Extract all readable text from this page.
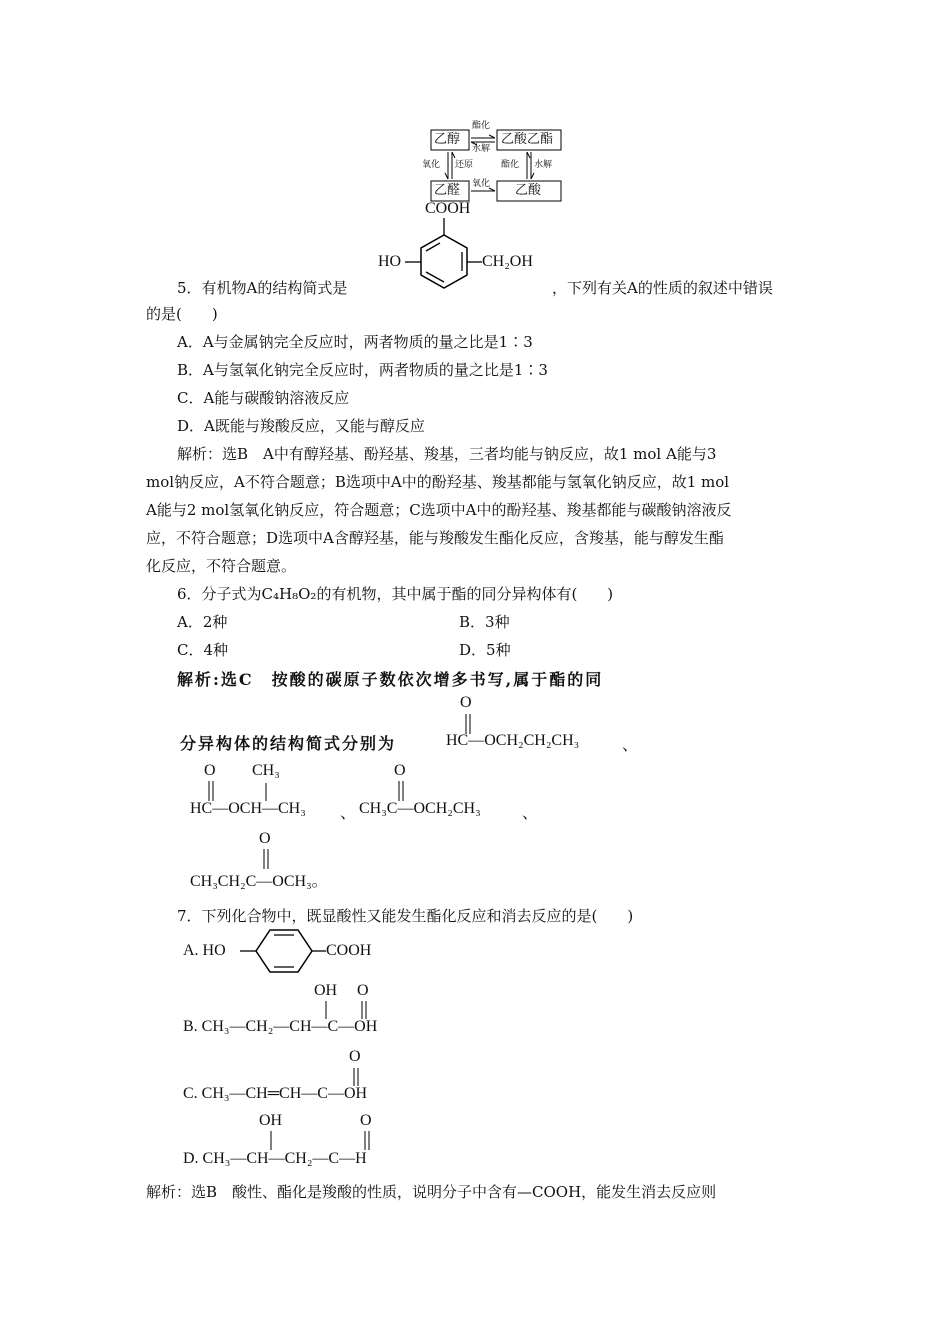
乙醇	乙酸乙酯
乙醛	乙酸
酯化
水解
氧化 还原	酯化 水解
氧化
COOH
HO	CH₂OH
5．有机物A的结构简式是	，下列有关A的性质的叙述中错误
的是(　　)
A．A与金属钠完全反应时，两者物质的量之比是1∶3
B．A与氢氧化钠完全反应时，两者物质的量之比是1∶3
C．A能与碳酸钠溶液反应
D．A既能与羧酸反应，又能与醇反应
解析：选B　A中有醇羟基、酚羟基、羧基，三者均能与钠反应，故1 mol A能与3
mol钠反应，A不符合题意；B选项中A中的酚羟基、羧基都能与氢氧化钠反应，故1 mol
A能与2 mol氢氧化钠反应，符合题意；C选项中A中的酚羟基、羧基都能与碳酸钠溶液反
应，不符合题意；D选项中A含醇羟基，能与羧酸发生酯化反应，含羧基，能与醇发生酯
化反应，不符合题意。
6．分子式为C₄H₈O₂的有机物，其中属于酯的同分异构体有(　　)
A．2种	B．3种
C．4种	D．5种
解析:选C　按酸的碳原子数依次增多书写,属于酯的同
分异构体的结构简式分别为
O
HC—OCH₂CH₂CH₃	、
O CH₃
HC—OCH—CH₃ 、
O
CH₃C—OCH₂CH₃	、
O
CH₃CH₂C—OCH₃。
7．下列化合物中，既显酸性又能发生酯化反应和消去反应的是(　　)
A. HO	COOH
OH O
B. CH₃—CH₂—CH—C—OH
O
C. CH₃—CH═CH—C—OH
OH	O
D. CH₃—CH—CH₂—C—H
解析：选B　酸性、酯化是羧酸的性质，说明分子中含有—COOH，能发生消去反应则
